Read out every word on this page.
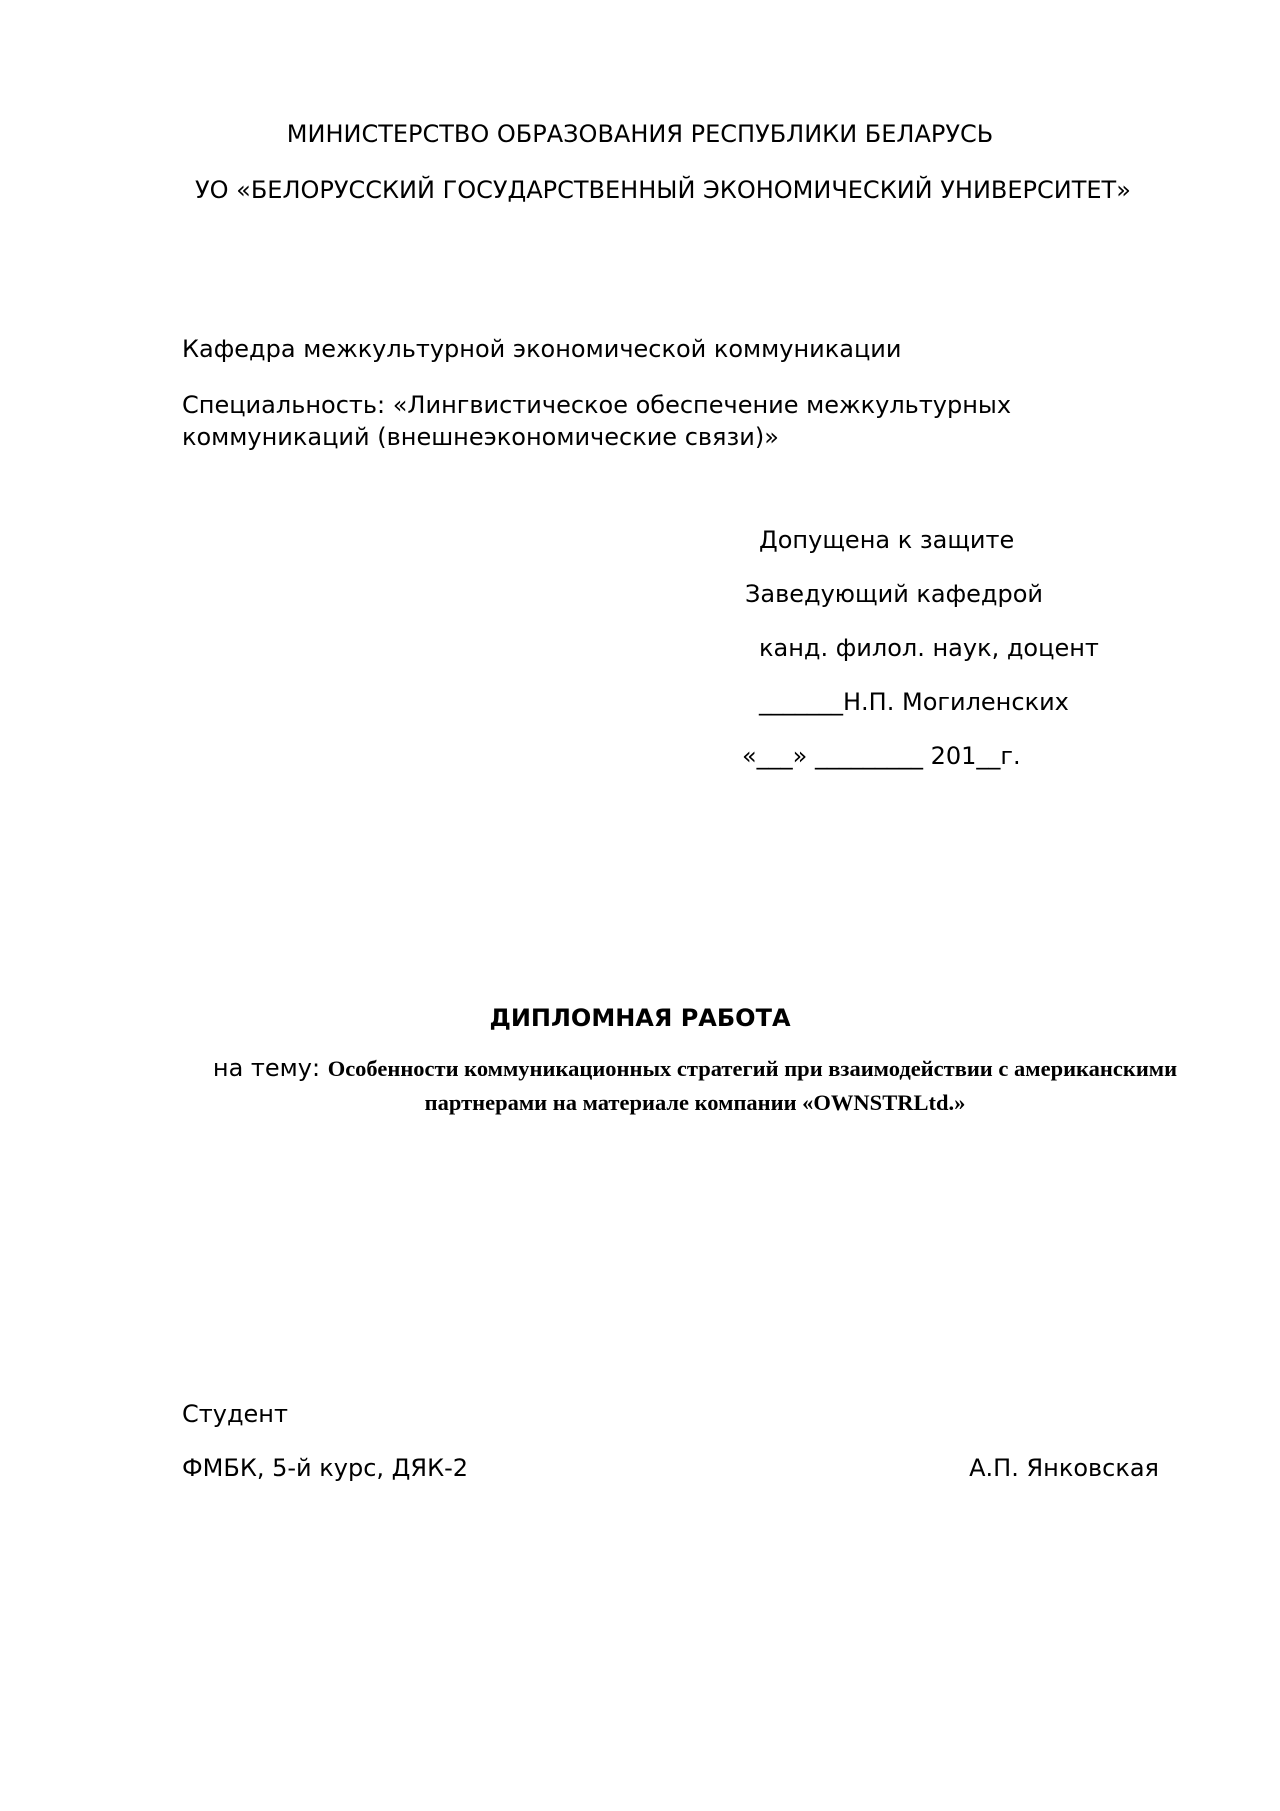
МИНИСТЕРСТВО ОБРАЗОВАНИЯ РЕСПУБЛИКИ БЕЛАРУСЬ
УО «БЕЛОРУССКИЙ ГОСУДАРСТВЕННЫЙ ЭКОНОМИЧЕСКИЙ УНИВЕРСИТЕТ»
Кафедра межкультурной экономической коммуникации
Специальность: «Лингвистическое обеспечение межкультурных
коммуникаций (внешнеэкономические связи)»
Допущена к защите
Заведующий кафедрой
канд. филол. наук, доцент
_______Н.П. Могиленских
«___» _________ 201__г.
ДИПЛОМНАЯ РАБОТА
на тему: Особенности коммуникационных стратегий при взаимодействии с американскими
партнерами на материале компании «OWNSTRLtd.»
Студент
ФМБК, 5-й курс, ДЯК-2	А.П. Янковская
